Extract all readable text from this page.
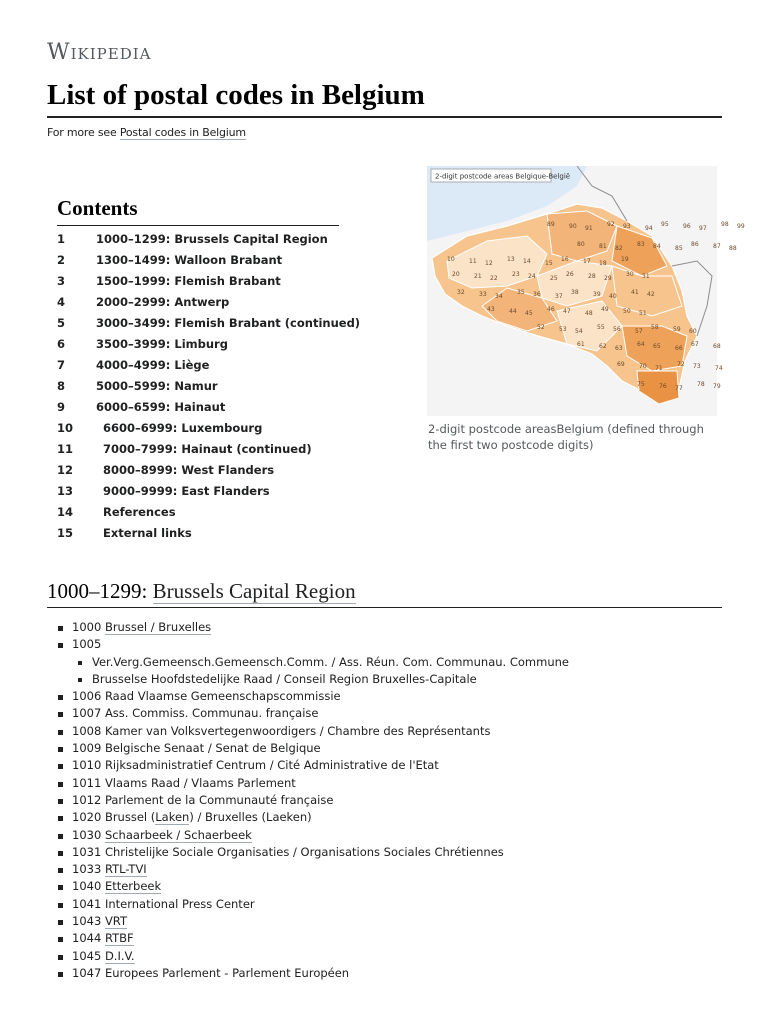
Wikipedia
List of postal codes in Belgium
For more see Postal codes in Belgium
Contents
1	1000–1299: Brussels Capital Region
2	1300–1499: Walloon Brabant
3	1500–1999: Flemish Brabant
4	2000–2999: Antwerp
5	3000–3499: Flemish Brabant (continued)
6	3500–3999: Limburg
7	4000–4999: Liège
8	5000–5999: Namur
9	6000–6599: Hainaut
10	6600–6999: Luxembourg
11	7000–7999: Hainaut (continued)
12	8000–8999: West Flanders
13	9000–9999: East Flanders
14	References
15	External links
2-digit postcode areas Belgique-België
10 11 12
13 14 15
16 17 18
19
20 21 22
23 24 25
26 28 29
30 31
32 33 34
35 36 37
38 39 40
41 42
43 44 45
46 47 48
49 50 51
52 53 54
55 56 57
58 59 60
61 62 63
64 65 66
67 68
69 70 71
72 73 74
75 76 77
78 79
80 81 82
83 84 85
86 87 88
89 90 91
92 93 94
95 96 97
98 99
2-digit postcode areasBelgium (defined through the first two postcode digits)
1000–1299: Brussels Capital Region
1000 Brussel / Bruxelles
1005
Ver.Verg.Gemeensch.Gemeensch.Comm. / Ass. Réun. Com. Communau. Commune
Brusselse Hoofdstedelijke Raad / Conseil Region Bruxelles-Capitale
1006 Raad Vlaamse Gemeenschapscommissie
1007 Ass. Commiss. Communau. française
1008 Kamer van Volksvertegenwoordigers / Chambre des Représentants
1009 Belgische Senaat / Senat de Belgique
1010 Rijksadministratief Centrum / Cité Administrative de l'Etat
1011 Vlaams Raad / Vlaams Parlement
1012 Parlement de la Communauté française
1020 Brussel (Laken) / Bruxelles (Laeken)
1030 Schaarbeek / Schaerbeek
1031 Christelijke Sociale Organisaties / Organisations Sociales Chrétiennes
1033 RTL-TVI
1040 Etterbeek
1041 International Press Center
1043 VRT
1044 RTBF
1045 D.I.V.
1047 Europees Parlement - Parlement Européen
